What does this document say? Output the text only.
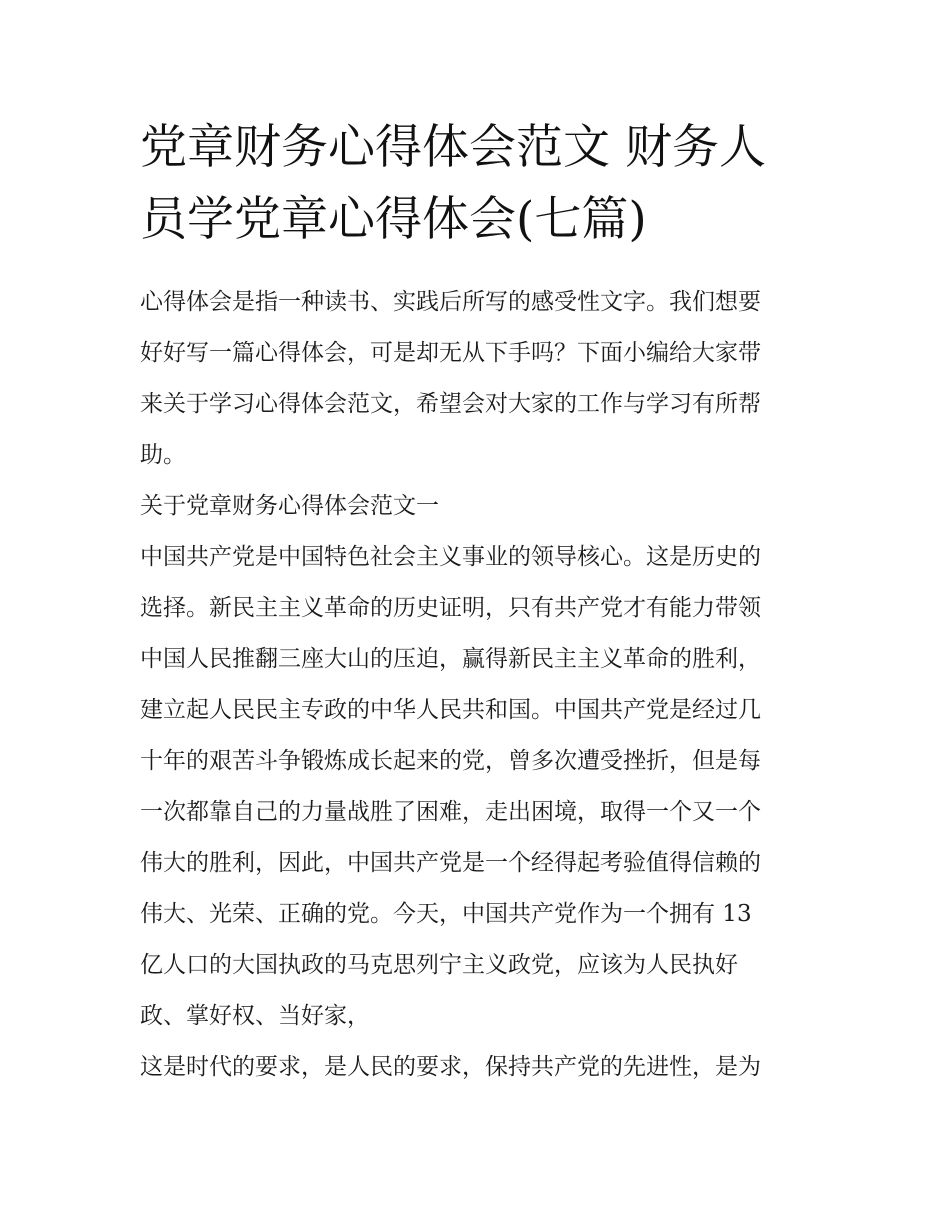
党章财务心得体会范文 财务人
员学党章心得体会(七篇)
心得体会是指一种读书、实践后所写的感受性文字。我们想要
好好写一篇心得体会，可是却无从下手吗？下面小编给大家带
来关于学习心得体会范文，希望会对大家的工作与学习有所帮
助。
关于党章财务心得体会范文一
中国共产党是中国特色社会主义事业的领导核心。这是历史的
选择。新民主主义革命的历史证明，只有共产党才有能力带领
中国人民推翻三座大山的压迫，赢得新民主主义革命的胜利，
建立起人民民主专政的中华人民共和国。中国共产党是经过几
十年的艰苦斗争锻炼成长起来的党，曾多次遭受挫折，但是每
一次都靠自己的力量战胜了困难，走出困境，取得一个又一个
伟大的胜利，因此，中国共产党是一个经得起考验值得信赖的
伟大、光荣、正确的党。今天，中国共产党作为一个拥有 13
亿人口的大国执政的马克思列宁主义政党，应该为人民执好
政、掌好权、当好家，
这是时代的要求，是人民的要求，保持共产党的先进性，是为
